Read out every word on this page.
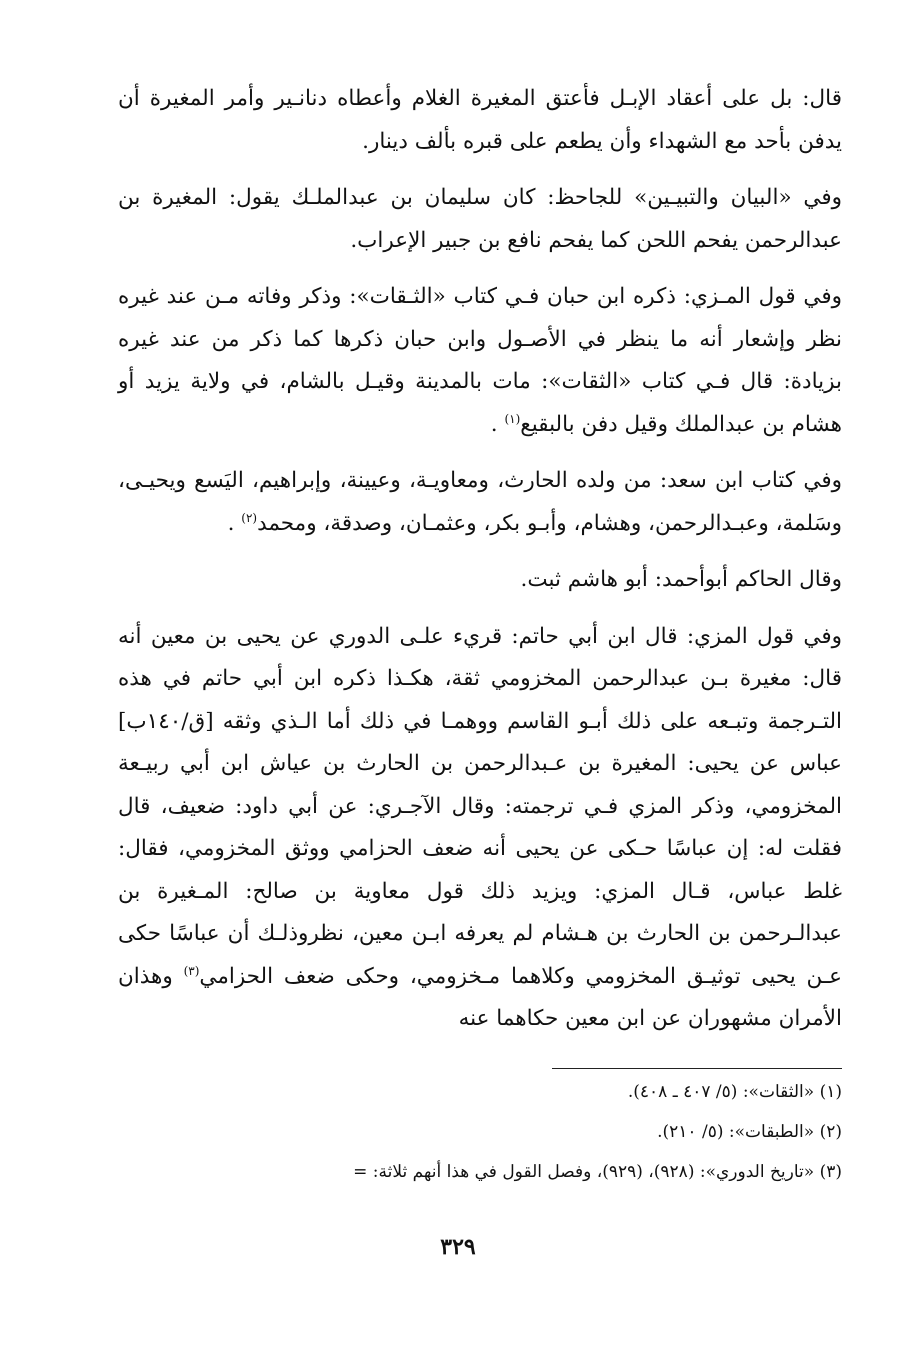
قال: بل على أعقاد الإبـل فأعتق المغيرة الغلام وأعطاه دنانـير وأمر المغيرة أن يدفن بأحد مع الشهداء وأن يطعم على قبره بألف دينار.

وفي «البيان والتبيـين» للجاحظ: كان سليمان بن عبدالملـك يقول: المغيرة بن عبدالرحمن يفحم اللحن كما يفحم نافع بن جبير الإعراب.

وفي قول المـزي: ذكره ابن حبان فـي كتاب «الثـقات»: وذكر وفاته مـن عند غيره نظر وإشعار أنه ما ينظر في الأصـول وابن حبان ذكرها كما ذكر من عند غيره بزيادة: قال فـي كتاب «الثقات»: مات بالمدينة وقيـل بالشام، في ولاية يزيد أو هشام بن عبدالملك وقيل دفن بالبقيع$^{(١)}$ .

وفي كتاب ابن سعد: من ولده الحارث، ومعاويـة، وعيينة، وإبراهيم، اليَسع ويحيـى، وسَلمة، وعبـدالرحمن، وهشام، وأبـو بكر، وعثمـان، وصدقة، ومحمد$^{(٢)}$ .

وقال الحاكم أبوأحمد: أبو هاشم ثبت.

وفي قول المزي: قال ابن أبي حاتم: قريء علـى الدوري عن يحيى بن معين أنه قال: مغيرة بـن عبدالرحمن المخزومي ثقة، هكـذا ذكره ابن أبي حاتم في هذه التـرجمة وتبـعه على ذلك أبـو القاسم ووهمـا في ذلك أما الـذي وثقه [ق/١٤٠ب] عباس عن يحيى: المغيرة بن عـبدالرحمن بن الحارث بن عياش ابن أبي ربيـعة المخزومي، وذكر المزي فـي ترجمته: وقال الآجـري: عن أبي داود: ضعيف، قال فقلت له: إن عباسًا حـكى عن يحيى أنه ضعف الحزامي ووثق المخزومي، فقال: غلط عباس، قـال المزي: ويزيد ذلك قول معاوية بن صالح: المـغيرة بن عبدالـرحمن بن الحارث بن هـشام لم يعرفه ابـن معين، نظروذلـك أن عباسًا حكى عـن يحيى توثيـق المخزومي وكلاهما مـخزومي، وحكى ضعف الحزامي$^{(٣)}$ وهذان الأمران مشهوران عن ابن معين حكاهما عنه

(١) «الثقات»: (٥/ ٤٠٧ ـ ٤٠٨).

(٢) «الطبقات»: (٥/ ٢١٠).

(٣) «تاريخ الدوري»: (٩٢٨)، (٩٢٩)، وفصل القول في هذا أنهم ثلاثة: =

٣٢٩
